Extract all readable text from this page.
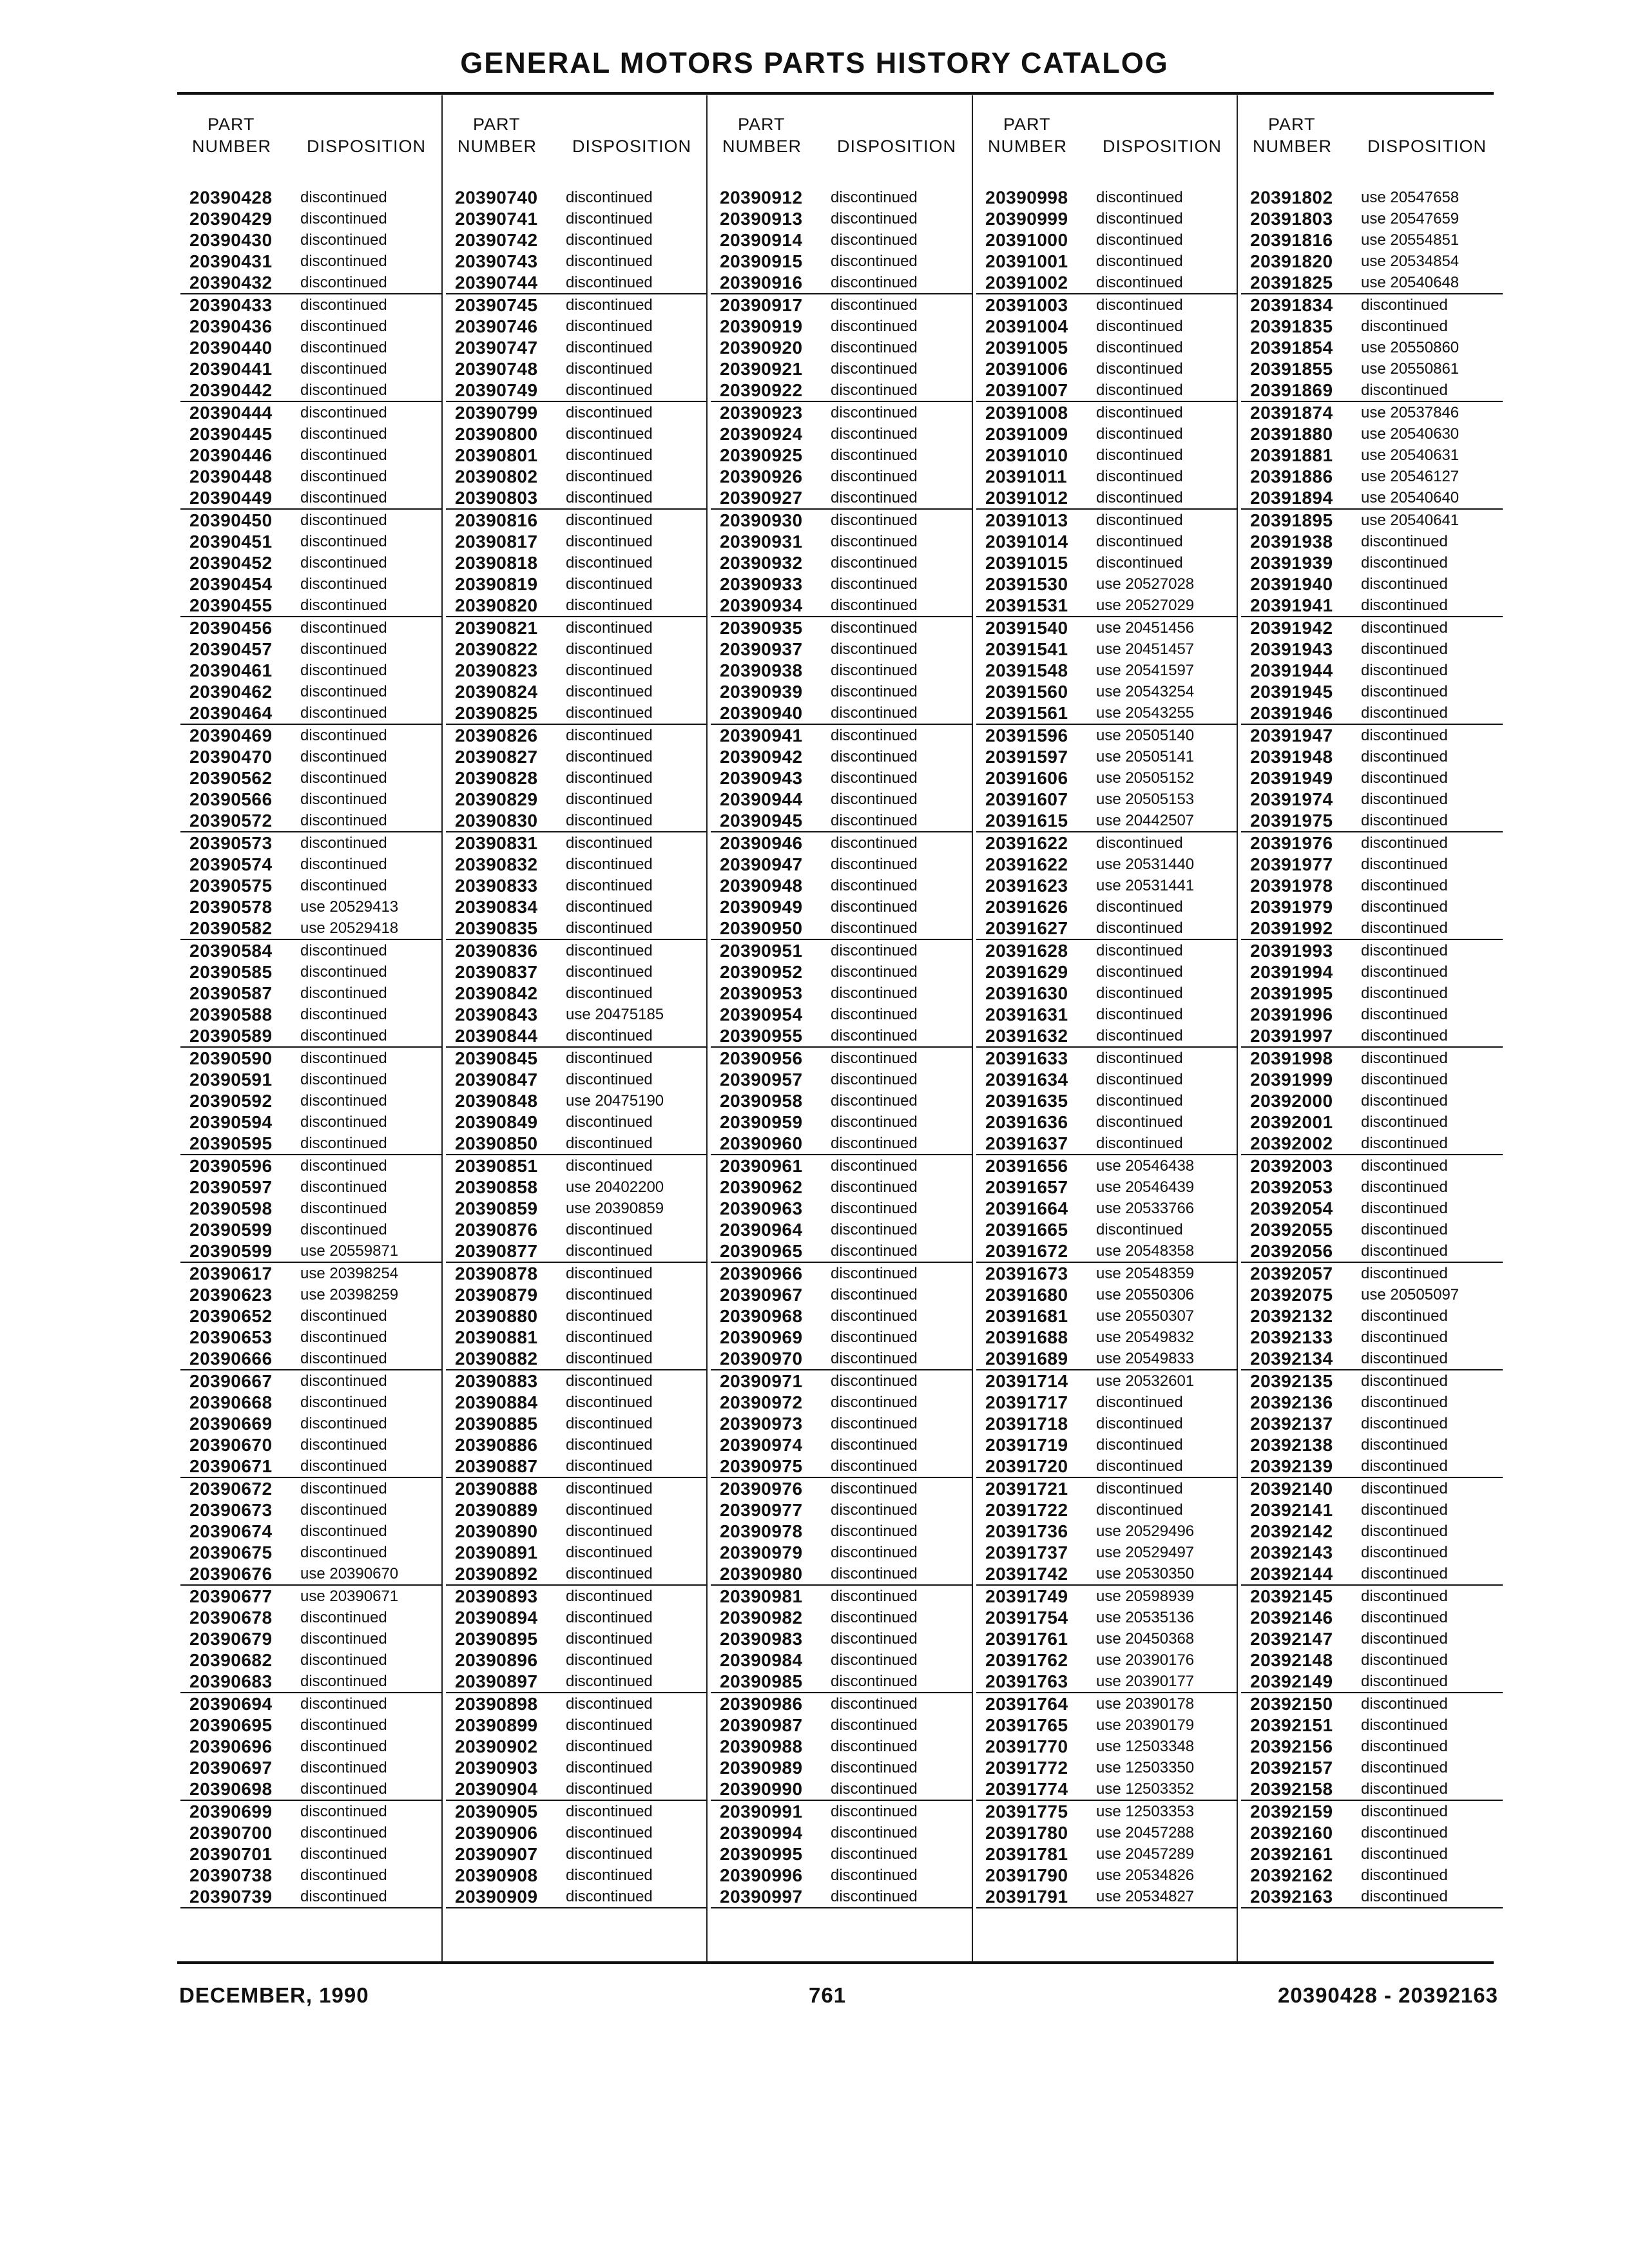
GENERAL MOTORS PARTS HISTORY CATALOG
PART
NUMBER DISPOSITION
20390428 discontinued
20390429 discontinued
20390430 discontinued
20390431 discontinued
20390432 discontinued
20390433 discontinued
20390436 discontinued
20390440 discontinued
20390441 discontinued
20390442 discontinued
20390444 discontinued
20390445 discontinued
20390446 discontinued
20390448 discontinued
20390449 discontinued
20390450 discontinued
20390451 discontinued
20390452 discontinued
20390454 discontinued
20390455 discontinued
20390456 discontinued
20390457 discontinued
20390461 discontinued
20390462 discontinued
20390464 discontinued
20390469 discontinued
20390470 discontinued
20390562 discontinued
20390566 discontinued
20390572 discontinued
20390573 discontinued
20390574 discontinued
20390575 discontinued
20390578 use 20529413
20390582 use 20529418
20390584 discontinued
20390585 discontinued
20390587 discontinued
20390588 discontinued
20390589 discontinued
20390590 discontinued
20390591 discontinued
20390592 discontinued
20390594 discontinued
20390595 discontinued
20390596 discontinued
20390597 discontinued
20390598 discontinued
20390599 discontinued
20390599 use 20559871
20390617 use 20398254
20390623 use 20398259
20390652 discontinued
20390653 discontinued
20390666 discontinued
20390667 discontinued
20390668 discontinued
20390669 discontinued
20390670 discontinued
20390671 discontinued
20390672 discontinued
20390673 discontinued
20390674 discontinued
20390675 discontinued
20390676 use 20390670
20390677 use 20390671
20390678 discontinued
20390679 discontinued
20390682 discontinued
20390683 discontinued
20390694 discontinued
20390695 discontinued
20390696 discontinued
20390697 discontinued
20390698 discontinued
20390699 discontinued
20390700 discontinued
20390701 discontinued
20390738 discontinued
20390739 discontinued
PART
NUMBER DISPOSITION
20390740 discontinued
20390741 discontinued
20390742 discontinued
20390743 discontinued
20390744 discontinued
20390745 discontinued
20390746 discontinued
20390747 discontinued
20390748 discontinued
20390749 discontinued
20390799 discontinued
20390800 discontinued
20390801 discontinued
20390802 discontinued
20390803 discontinued
20390816 discontinued
20390817 discontinued
20390818 discontinued
20390819 discontinued
20390820 discontinued
20390821 discontinued
20390822 discontinued
20390823 discontinued
20390824 discontinued
20390825 discontinued
20390826 discontinued
20390827 discontinued
20390828 discontinued
20390829 discontinued
20390830 discontinued
20390831 discontinued
20390832 discontinued
20390833 discontinued
20390834 discontinued
20390835 discontinued
20390836 discontinued
20390837 discontinued
20390842 discontinued
20390843 use 20475185
20390844 discontinued
20390845 discontinued
20390847 discontinued
20390848 use 20475190
20390849 discontinued
20390850 discontinued
20390851 discontinued
20390858 use 20402200
20390859 use 20390859
20390876 discontinued
20390877 discontinued
20390878 discontinued
20390879 discontinued
20390880 discontinued
20390881 discontinued
20390882 discontinued
20390883 discontinued
20390884 discontinued
20390885 discontinued
20390886 discontinued
20390887 discontinued
20390888 discontinued
20390889 discontinued
20390890 discontinued
20390891 discontinued
20390892 discontinued
20390893 discontinued
20390894 discontinued
20390895 discontinued
20390896 discontinued
20390897 discontinued
20390898 discontinued
20390899 discontinued
20390902 discontinued
20390903 discontinued
20390904 discontinued
20390905 discontinued
20390906 discontinued
20390907 discontinued
20390908 discontinued
20390909 discontinued
PART
NUMBER DISPOSITION
20390912 discontinued
20390913 discontinued
20390914 discontinued
20390915 discontinued
20390916 discontinued
20390917 discontinued
20390919 discontinued
20390920 discontinued
20390921 discontinued
20390922 discontinued
20390923 discontinued
20390924 discontinued
20390925 discontinued
20390926 discontinued
20390927 discontinued
20390930 discontinued
20390931 discontinued
20390932 discontinued
20390933 discontinued
20390934 discontinued
20390935 discontinued
20390937 discontinued
20390938 discontinued
20390939 discontinued
20390940 discontinued
20390941 discontinued
20390942 discontinued
20390943 discontinued
20390944 discontinued
20390945 discontinued
20390946 discontinued
20390947 discontinued
20390948 discontinued
20390949 discontinued
20390950 discontinued
20390951 discontinued
20390952 discontinued
20390953 discontinued
20390954 discontinued
20390955 discontinued
20390956 discontinued
20390957 discontinued
20390958 discontinued
20390959 discontinued
20390960 discontinued
20390961 discontinued
20390962 discontinued
20390963 discontinued
20390964 discontinued
20390965 discontinued
20390966 discontinued
20390967 discontinued
20390968 discontinued
20390969 discontinued
20390970 discontinued
20390971 discontinued
20390972 discontinued
20390973 discontinued
20390974 discontinued
20390975 discontinued
20390976 discontinued
20390977 discontinued
20390978 discontinued
20390979 discontinued
20390980 discontinued
20390981 discontinued
20390982 discontinued
20390983 discontinued
20390984 discontinued
20390985 discontinued
20390986 discontinued
20390987 discontinued
20390988 discontinued
20390989 discontinued
20390990 discontinued
20390991 discontinued
20390994 discontinued
20390995 discontinued
20390996 discontinued
20390997 discontinued
PART
NUMBER DISPOSITION
20390998 discontinued
20390999 discontinued
20391000 discontinued
20391001 discontinued
20391002 discontinued
20391003 discontinued
20391004 discontinued
20391005 discontinued
20391006 discontinued
20391007 discontinued
20391008 discontinued
20391009 discontinued
20391010 discontinued
20391011 discontinued
20391012 discontinued
20391013 discontinued
20391014 discontinued
20391015 discontinued
20391530 use 20527028
20391531 use 20527029
20391540 use 20451456
20391541 use 20451457
20391548 use 20541597
20391560 use 20543254
20391561 use 20543255
20391596 use 20505140
20391597 use 20505141
20391606 use 20505152
20391607 use 20505153
20391615 use 20442507
20391622 discontinued
20391622 use 20531440
20391623 use 20531441
20391626 discontinued
20391627 discontinued
20391628 discontinued
20391629 discontinued
20391630 discontinued
20391631 discontinued
20391632 discontinued
20391633 discontinued
20391634 discontinued
20391635 discontinued
20391636 discontinued
20391637 discontinued
20391656 use 20546438
20391657 use 20546439
20391664 use 20533766
20391665 discontinued
20391672 use 20548358
20391673 use 20548359
20391680 use 20550306
20391681 use 20550307
20391688 use 20549832
20391689 use 20549833
20391714 use 20532601
20391717 discontinued
20391718 discontinued
20391719 discontinued
20391720 discontinued
20391721 discontinued
20391722 discontinued
20391736 use 20529496
20391737 use 20529497
20391742 use 20530350
20391749 use 20598939
20391754 use 20535136
20391761 use 20450368
20391762 use 20390176
20391763 use 20390177
20391764 use 20390178
20391765 use 20390179
20391770 use 12503348
20391772 use 12503350
20391774 use 12503352
20391775 use 12503353
20391780 use 20457288
20391781 use 20457289
20391790 use 20534826
20391791 use 20534827
PART
NUMBER DISPOSITION
20391802 use 20547658
20391803 use 20547659
20391816 use 20554851
20391820 use 20534854
20391825 use 20540648
20391834 discontinued
20391835 discontinued
20391854 use 20550860
20391855 use 20550861
20391869 discontinued
20391874 use 20537846
20391880 use 20540630
20391881 use 20540631
20391886 use 20546127
20391894 use 20540640
20391895 use 20540641
20391938 discontinued
20391939 discontinued
20391940 discontinued
20391941 discontinued
20391942 discontinued
20391943 discontinued
20391944 discontinued
20391945 discontinued
20391946 discontinued
20391947 discontinued
20391948 discontinued
20391949 discontinued
20391974 discontinued
20391975 discontinued
20391976 discontinued
20391977 discontinued
20391978 discontinued
20391979 discontinued
20391992 discontinued
20391993 discontinued
20391994 discontinued
20391995 discontinued
20391996 discontinued
20391997 discontinued
20391998 discontinued
20391999 discontinued
20392000 discontinued
20392001 discontinued
20392002 discontinued
20392003 discontinued
20392053 discontinued
20392054 discontinued
20392055 discontinued
20392056 discontinued
20392057 discontinued
20392075 use 20505097
20392132 discontinued
20392133 discontinued
20392134 discontinued
20392135 discontinued
20392136 discontinued
20392137 discontinued
20392138 discontinued
20392139 discontinued
20392140 discontinued
20392141 discontinued
20392142 discontinued
20392143 discontinued
20392144 discontinued
20392145 discontinued
20392146 discontinued
20392147 discontinued
20392148 discontinued
20392149 discontinued
20392150 discontinued
20392151 discontinued
20392156 discontinued
20392157 discontinued
20392158 discontinued
20392159 discontinued
20392160 discontinued
20392161 discontinued
20392162 discontinued
20392163 discontinued
DECEMBER, 1990	761	20390428 - 20392163
